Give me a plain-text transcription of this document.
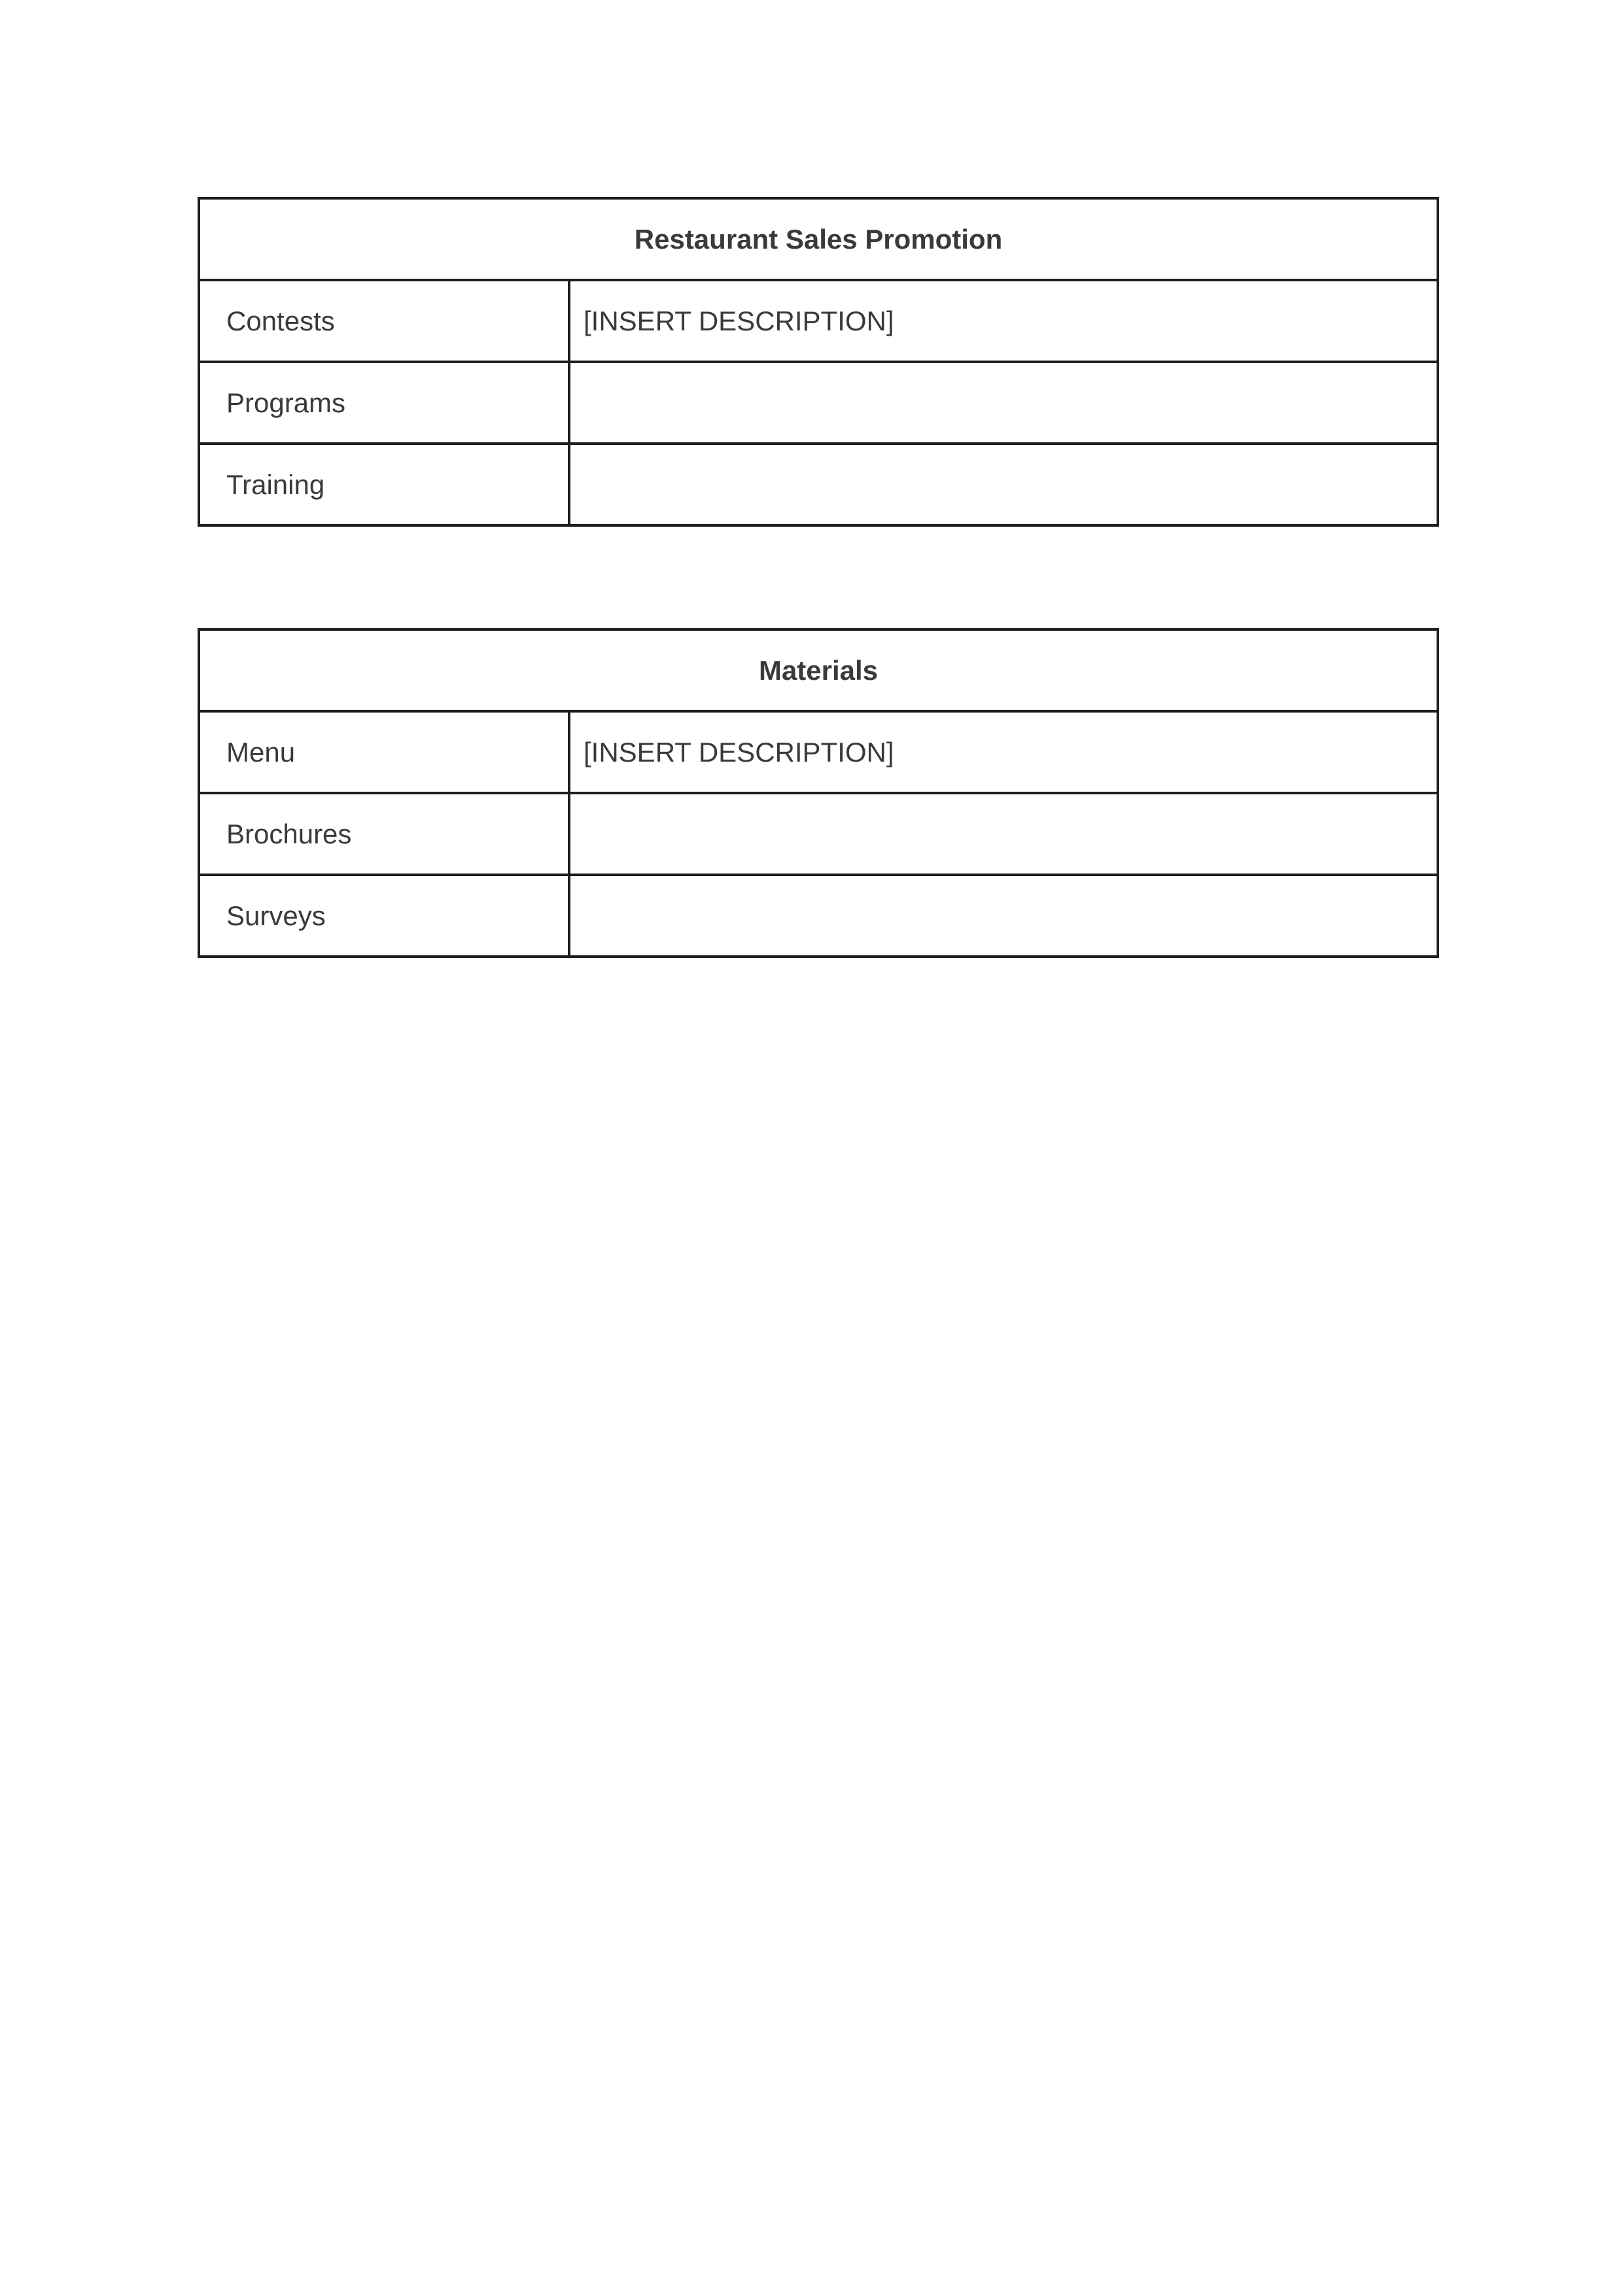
Restaurant Sales Promotion	
Contests	[INSERT DESCRIPTION]
Programs	
Training	
Materials	
Menu	[INSERT DESCRIPTION]
Brochures	
Surveys	
